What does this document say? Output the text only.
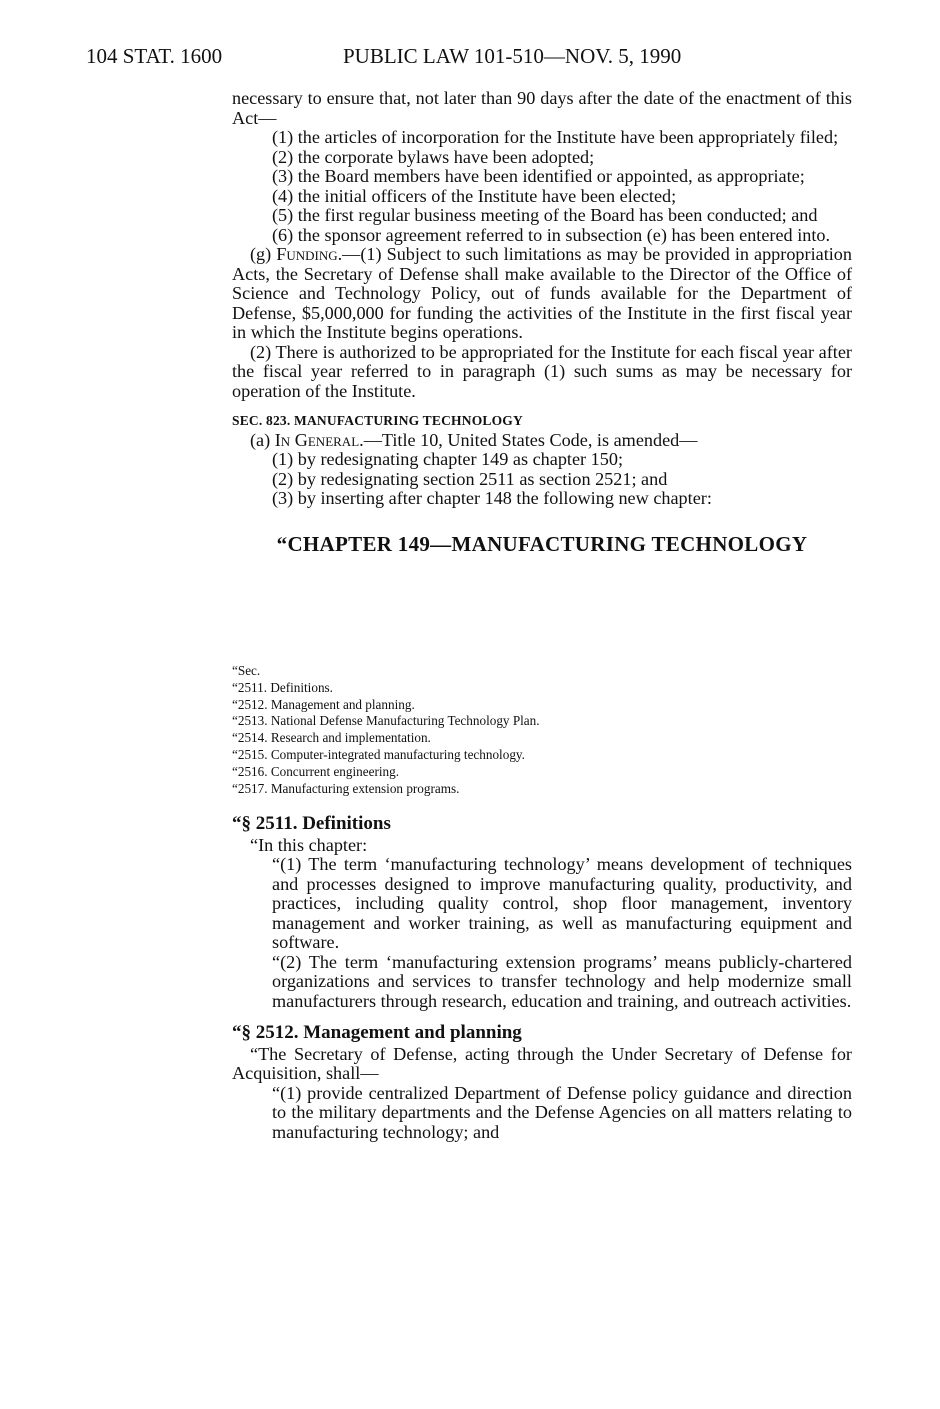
104 STAT. 1600	PUBLIC LAW 101-510—NOV. 5, 1990

necessary to ensure that, not later than 90 days after the date of the enactment of this Act—

(1) the articles of incorporation for the Institute have been appropriately filed;

(2) the corporate bylaws have been adopted;

(3) the Board members have been identified or appointed, as appropriate;

(4) the initial officers of the Institute have been elected;

(5) the first regular business meeting of the Board has been conducted; and

(6) the sponsor agreement referred to in subsection (e) has been entered into.

(g) Funding.—(1) Subject to such limitations as may be provided in appropriation Acts, the Secretary of Defense shall make available to the Director of the Office of Science and Technology Policy, out of funds available for the Department of Defense, $5,000,000 for funding the activities of the Institute in the first fiscal year in which the Institute begins operations.

(2) There is authorized to be appropriated for the Institute for each fiscal year after the fiscal year referred to in paragraph (1) such sums as may be necessary for operation of the Institute.

SEC. 823. MANUFACTURING TECHNOLOGY

(a) In General.—Title 10, United States Code, is amended—

(1) by redesignating chapter 149 as chapter 150;

(2) by redesignating section 2511 as section 2521; and

(3) by inserting after chapter 148 the following new chapter:

“CHAPTER 149—MANUFACTURING TECHNOLOGY

“Sec.
“2511. Definitions.
“2512. Management and planning.
“2513. National Defense Manufacturing Technology Plan.
“2514. Research and implementation.
“2515. Computer-integrated manufacturing technology.
“2516. Concurrent engineering.
“2517. Manufacturing extension programs.

“§ 2511. Definitions

“In this chapter:

“(1) The term ‘manufacturing technology’ means development of techniques and processes designed to improve manufacturing quality, productivity, and practices, including quality control, shop floor management, inventory management and worker training, as well as manufacturing equipment and software.

“(2) The term ‘manufacturing extension programs’ means publicly-chartered organizations and services to transfer technology and help modernize small manufacturers through research, education and training, and outreach activities.

“§ 2512. Management and planning

“The Secretary of Defense, acting through the Under Secretary of Defense for Acquisition, shall—

“(1) provide centralized Department of Defense policy guidance and direction to the military departments and the Defense Agencies on all matters relating to manufacturing technology; and
